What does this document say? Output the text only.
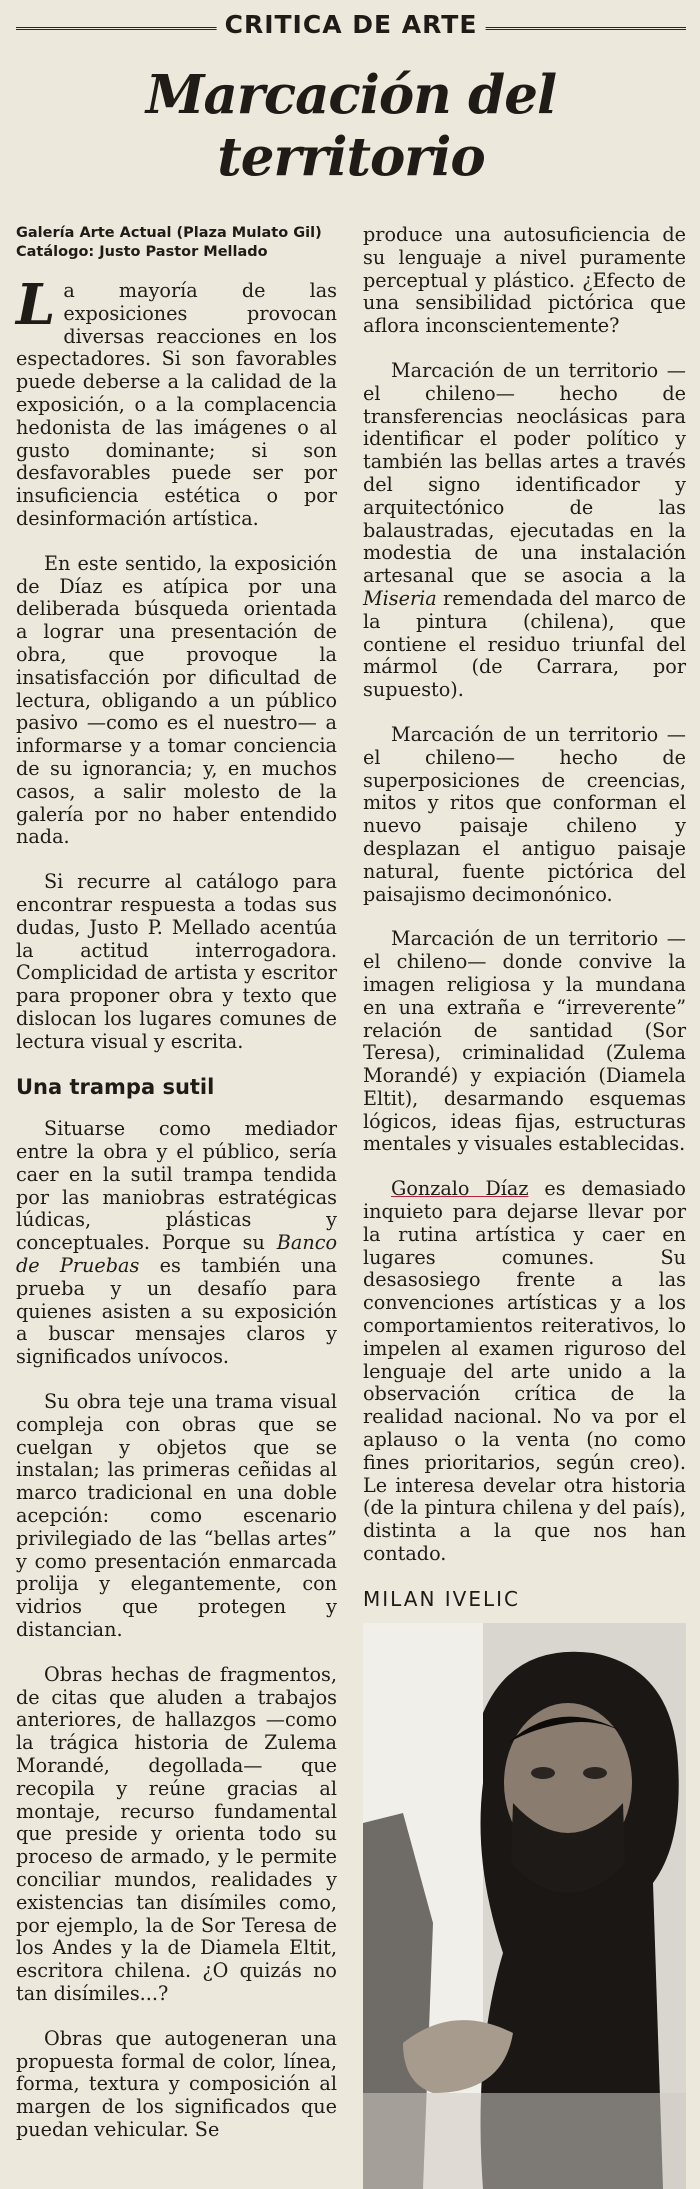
CRITICA DE ARTE
Marcación del territorio
Galería Arte Actual (Plaza Mulato Gil) Catálogo: Justo Pastor Mellado

La mayoría de las exposiciones provocan diversas reacciones en los espectadores. Si son favorables puede deberse a la calidad de la exposición, o a la complacencia hedonista de las imágenes o al gusto dominante; si son desfavorables puede ser por insuficiencia estética o por desinformación artística.

En este sentido, la exposición de Díaz es atípica por una deliberada búsqueda orientada a lograr una presentación de obra, que provoque la insatisfacción por dificultad de lectura, obligando a un público pasivo —como es el nuestro— a informarse y a tomar conciencia de su ignorancia; y, en muchos casos, a salir molesto de la galería por no haber entendido nada.

Si recurre al catálogo para encontrar respuesta a todas sus dudas, Justo P. Mellado acentúa la actitud interrogadora. Complicidad de artista y escritor para proponer obra y texto que dislocan los lugares comunes de lectura visual y escrita.

Una trampa sutil

Situarse como mediador entre la obra y el público, sería caer en la sutil trampa tendida por las maniobras estratégicas lúdicas, plásticas y conceptuales. Porque su Banco de Pruebas es también una prueba y un desafío para quienes asisten a su exposición a buscar mensajes claros y significados unívocos.

Su obra teje una trama visual compleja con obras que se cuelgan y objetos que se instalan; las primeras ceñidas al marco tradicional en una doble acepción: como escenario privilegiado de las “bellas artes” y como presentación enmarcada prolija y elegantemente, con vidrios que protegen y distancian.

Obras hechas de fragmentos, de citas que aluden a trabajos anteriores, de hallazgos —como la trágica historia de Zulema Morandé, degollada— que recopila y reúne gracias al montaje, recurso fundamental que preside y orienta todo su proceso de armado, y le permite conciliar mundos, realidades y existencias tan disímiles como, por ejemplo, la de Sor Teresa de los Andes y la de Diamela Eltit, escritora chilena. ¿O quizás no tan disímiles...?

Obras que autogeneran una propuesta formal de color, línea, forma, textura y composición al margen de los significados que puedan vehicular. Se

produce una autosuficiencia de su lenguaje a nivel puramente perceptual y plástico. ¿Efecto de una sensibilidad pictórica que aflora inconscientemente?

Marcación de un territorio —el chileno— hecho de transferencias neoclásicas para identificar el poder político y también las bellas artes a través del signo identificador y arquitectónico de las balaustradas, ejecutadas en la modestia de una instalación artesanal que se asocia a la Miseria remendada del marco de la pintura (chilena), que contiene el residuo triunfal del mármol (de Carrara, por supuesto).

Marcación de un territorio —el chileno— hecho de superposiciones de creencias, mitos y ritos que conforman el nuevo paisaje chileno y desplazan el antiguo paisaje natural, fuente pictórica del paisajismo decimonónico.

Marcación de un territorio —el chileno— donde convive la imagen religiosa y la mundana en una extraña e “irreverente” relación de santidad (Sor Teresa), criminalidad (Zulema Morandé) y expiación (Diamela Eltit), desarmando esquemas lógicos, ideas fijas, estructuras mentales y visuales establecidas.

Gonzalo Díaz es demasiado inquieto para dejarse llevar por la rutina artística y caer en lugares comunes. Su desasosiego frente a las convenciones artísticas y a los comportamientos reiterativos, lo impelen al examen riguroso del lenguaje del arte unido a la observación crítica de la realidad nacional. No va por el aplauso o la venta (no como fines prioritarios, según creo). Le interesa develar otra historia (de la pintura chilena y del país), distinta a la que nos han contado.

MILAN IVELIC
